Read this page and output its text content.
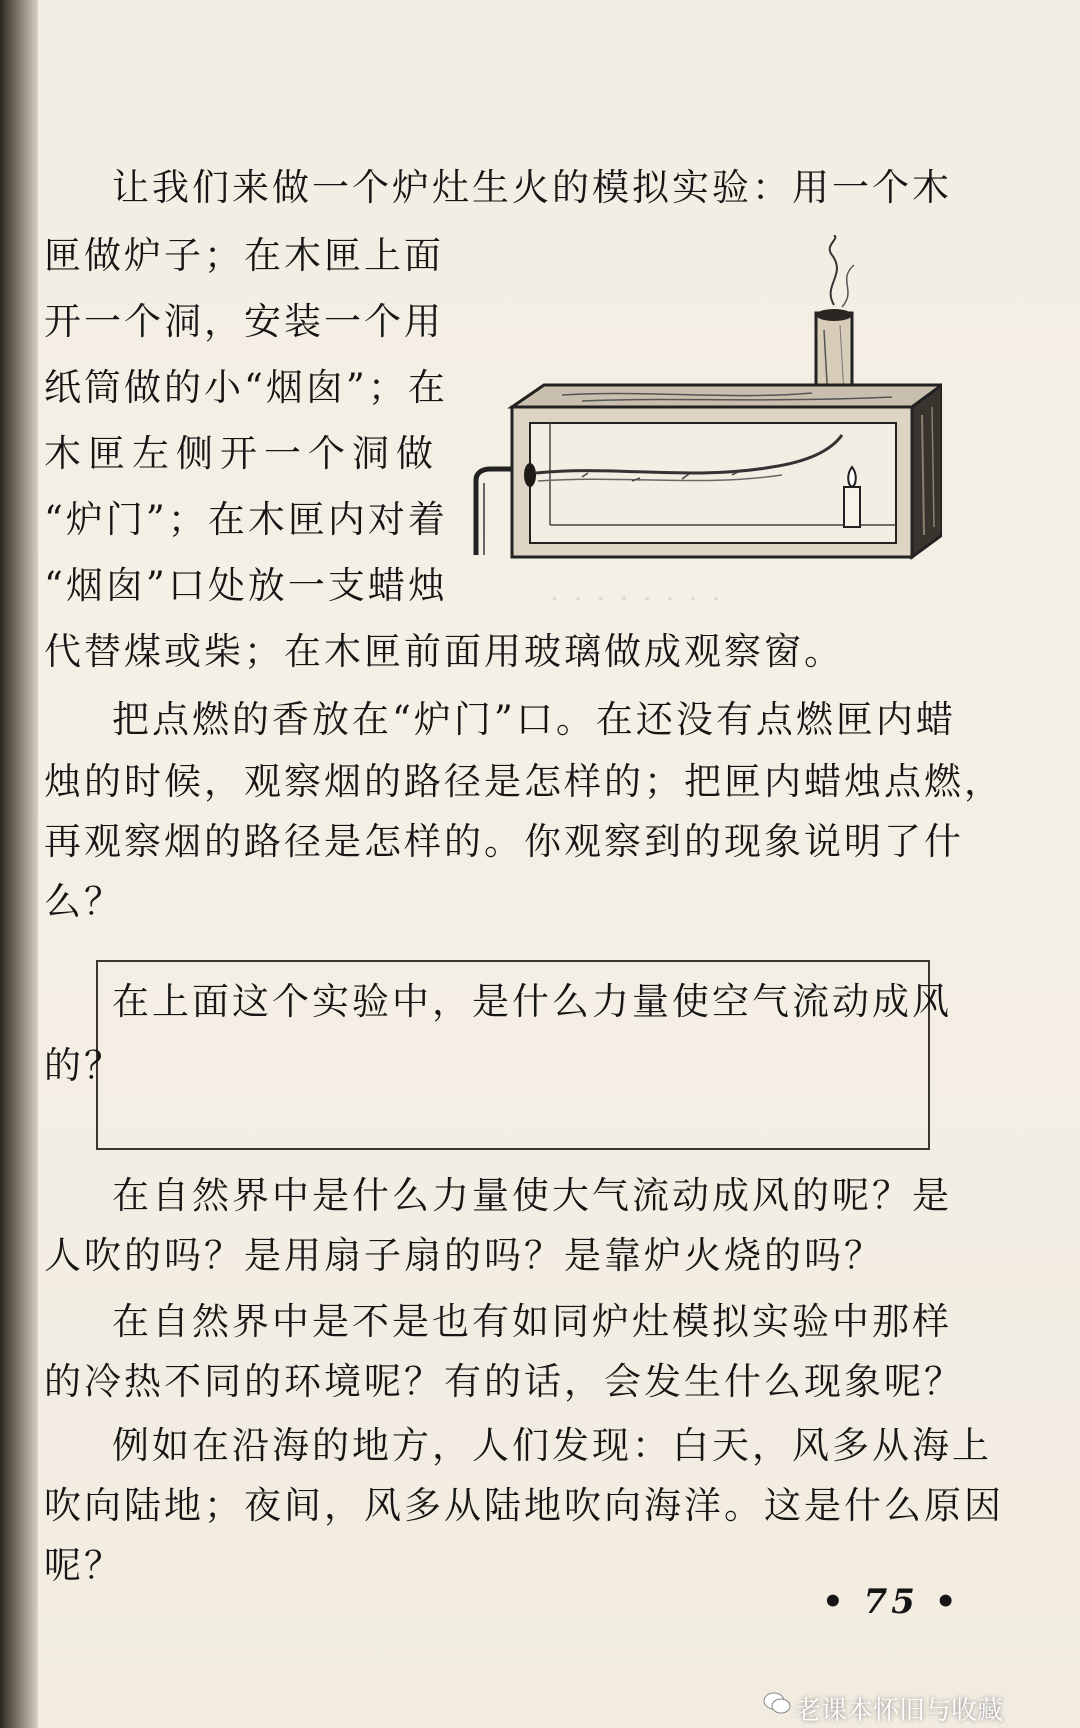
让我们来做一个炉灶生火的模拟实验：用一个木
匣做炉子；在木匣上面
开一个洞，安装一个用
纸筒做的小“烟囱”；在
木匣左侧开一个洞做
“炉门”；在木匣内对着
“烟囱”口处放一支蜡烛
代替煤或柴；在木匣前面用玻璃做成观察窗。
· · · · · · · ·
把点燃的香放在“炉门”口。在还没有点燃匣内蜡
烛的时候，观察烟的路径是怎样的；把匣内蜡烛点燃，
再观察烟的路径是怎样的。你观察到的现象说明了什
么？
在上面这个实验中，是什么力量使空气流动成风
的？
在自然界中是什么力量使大气流动成风的呢？是
人吹的吗？是用扇子扇的吗？是靠炉火烧的吗？
在自然界中是不是也有如同炉灶模拟实验中那样
的冷热不同的环境呢？有的话，会发生什么现象呢？
例如在沿海的地方，人们发现：白天，风多从海上
吹向陆地；夜间，风多从陆地吹向海洋。这是什么原因
呢？
• 75 •
老课本怀旧与收藏
